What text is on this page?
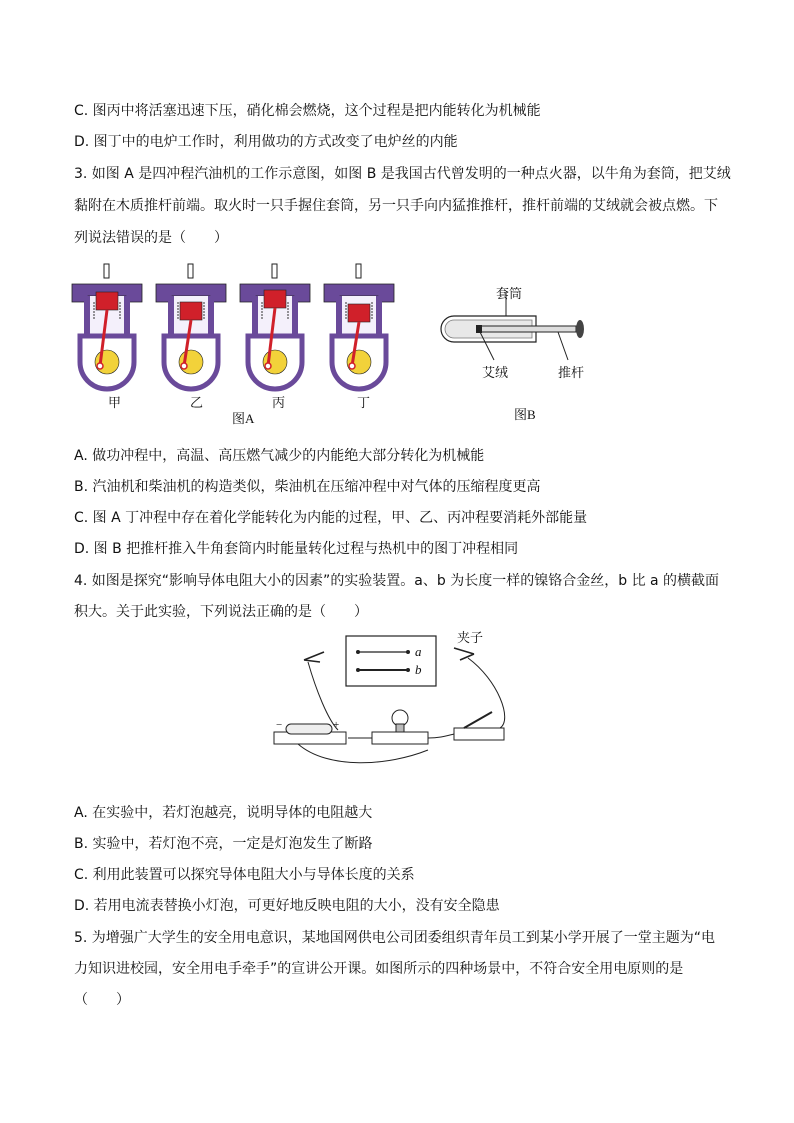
C. 图丙中将活塞迅速下压，硝化棉会燃烧，这个过程是把内能转化为机械能
D. 图丁中的电炉工作时，利用做功的方式改变了电炉丝的内能
3. 如图 A 是四冲程汽油机的工作示意图，如图 B 是我国古代曾发明的一种点火器，以牛角为套筒，把艾绒
黏附在木质推杆前端。取火时一只手握住套筒，另一只手向内猛推推杆，推杆前端的艾绒就会被点燃。下
列说法错误的是（　　）
甲	乙	丙	丁
图A
套筒
艾绒	推杆
图B
A. 做功冲程中，高温、高压燃气减少的内能绝大部分转化为机械能
B. 汽油机和柴油机的构造类似，柴油机在压缩冲程中对气体的压缩程度更高
C. 图 A 丁冲程中存在着化学能转化为内能的过程，甲、乙、丙冲程要消耗外部能量
D. 图 B 把推杆推入牛角套筒内时能量转化过程与热机中的图丁冲程相同
4. 如图是探究“影响导体电阻大小的因素”的实验装置。a、b 为长度一样的镍铬合金丝，b 比 a 的横截面
积大。关于此实验，下列说法正确的是（　　）
夹子
a
b
−	+
A. 在实验中，若灯泡越亮，说明导体的电阻越大
B. 实验中，若灯泡不亮，一定是灯泡发生了断路
C. 利用此装置可以探究导体电阻大小与导体长度的关系
D. 若用电流表替换小灯泡，可更好地反映电阻的大小，没有安全隐患
5. 为增强广大学生的安全用电意识，某地国网供电公司团委组织青年员工到某小学开展了一堂主题为“电
力知识进校园，安全用电手牵手”的宣讲公开课。如图所示的四种场景中，不符合安全用电原则的是
（　　）
